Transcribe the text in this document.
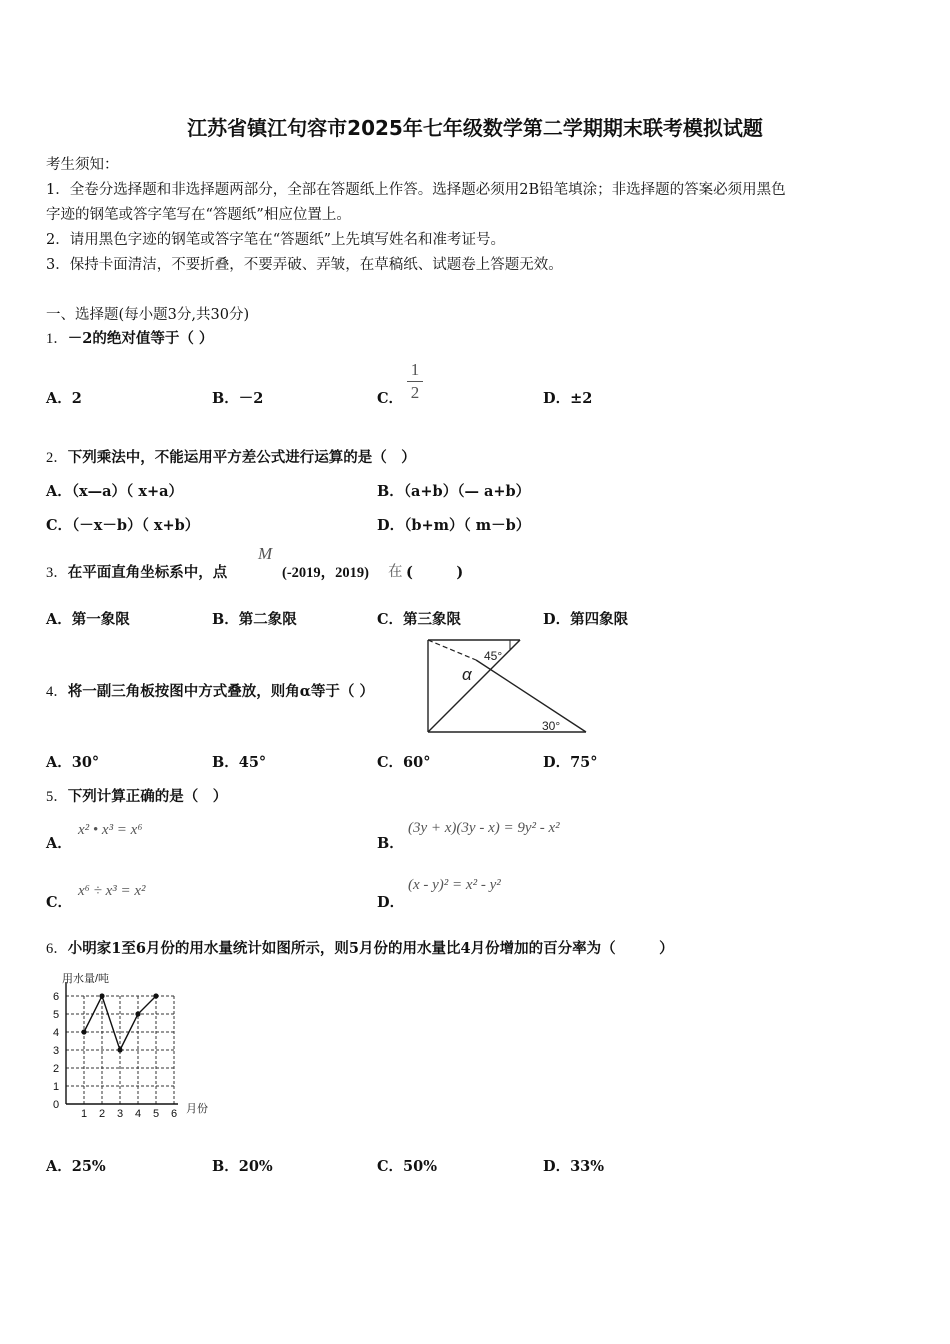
江苏省镇江句容市2025年七年级数学第二学期期末联考模拟试题
考生须知：
1．全卷分选择题和非选择题两部分，全部在答题纸上作答。选择题必须用2B铅笔填涂；非选择题的答案必须用黑色
字迹的钢笔或答字笔写在“答题纸”相应位置上。
2．请用黑色字迹的钢笔或答字笔在“答题纸”上先填写姓名和准考证号。
3．保持卡面清洁，不要折叠，不要弄破、弄皱，在草稿纸、试题卷上答题无效。
一、选择题(每小题3分,共30分)
1．－2的绝对值等于（ ）
A．2	B．－2	C．
1
2	D．±2
2．下列乘法中，不能运用平方差公式进行运算的是（　）
A．（x—a）（ x+a）	B．（a+b）（— a+b）
C．（－x－b）（ x+b）	D．（b+m）（ m－b）
3．在平面直角坐标系中，点
M
(-2019，2019) 在 (　　　)
A．第一象限	B．第二象限	C．第三象限	D．第四象限
4．将一副三角板按图中方式叠放，则角α等于（ ）
45°
α
30°
A．30°	B．45°	C．60°	D．75°
5．下列计算正确的是（　）
A．
x² • x³ = x⁶
B．
(3y + x)(3y - x) = 9y² - x²
C．
x⁶ ÷ x³ = x²
D．
(x - y)² = x² - y²
6．小明家1至6月份的用水量统计如图所示，则5月份的用水量比4月份增加的百分率为（　　　）
1
2
3
4
5
6
0
1 2 3 4 5 6
用水量/吨
月份
A．25%	B．20%	C．50%	D．33%
